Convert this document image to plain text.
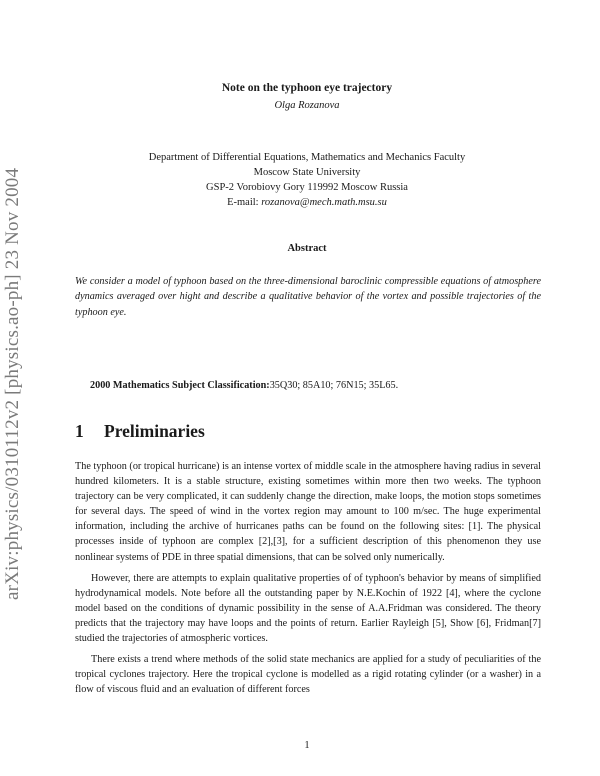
arXiv:physics/0310112v2 [physics.ao-ph] 23 Nov 2004
Note on the typhoon eye trajectory
Olga Rozanova
Department of Differential Equations, Mathematics and Mechanics Faculty
Moscow State University
GSP-2 Vorobiovy Gory 119992 Moscow Russia
E-mail: rozanova@mech.math.msu.su
Abstract
We consider a model of typhoon based on the three-dimensional baroclinic compressible equations of atmosphere dynamics averaged over hight and describe a qualitative behavior of the vortex and possible trajectories of the typhoon eye.
2000 Mathematics Subject Classification:35Q30; 85A10; 76N15; 35L65.
1 Preliminaries

The typhoon (or tropical hurricane) is an intense vortex of middle scale in the atmosphere having radius in several hundred kilometers. It is a stable structure, existing sometimes within more then two weeks. The typhoon trajectory can be very complicated, it can suddenly change the direction, make loops, the motion stops sometimes for several days. The speed of wind in the vortex region may amount to 100 m/sec. The huge experimental information, including the archive of hurricanes paths can be found on the following sites: [1]. The physical processes inside of typhoon are complex [2],[3], for a sufficient description of this phenomenon they use nonlinear systems of PDE in three spatial dimensions, that can be solved only numerically.

However, there are attempts to explain qualitative properties of of typhoon's behavior by means of simplified hydrodynamical models. Note before all the outstanding paper by N.E.Kochin of 1922 [4], where the cyclone model based on the conditions of dynamic possibility in the sense of A.A.Fridman was considered. The theory predicts that the trajectory may have loops and the points of return. Earlier Rayleigh [5], Show [6], Fridman[7] studied the trajectories of atmospheric vortices.

There exists a trend where methods of the solid state mechanics are applied for a study of peculiarities of the tropical cyclones trajectory. Here the tropical cyclone is modelled as a rigid rotating cylinder (or a washer) in a flow of viscous fluid and an evaluation of different forces

1
